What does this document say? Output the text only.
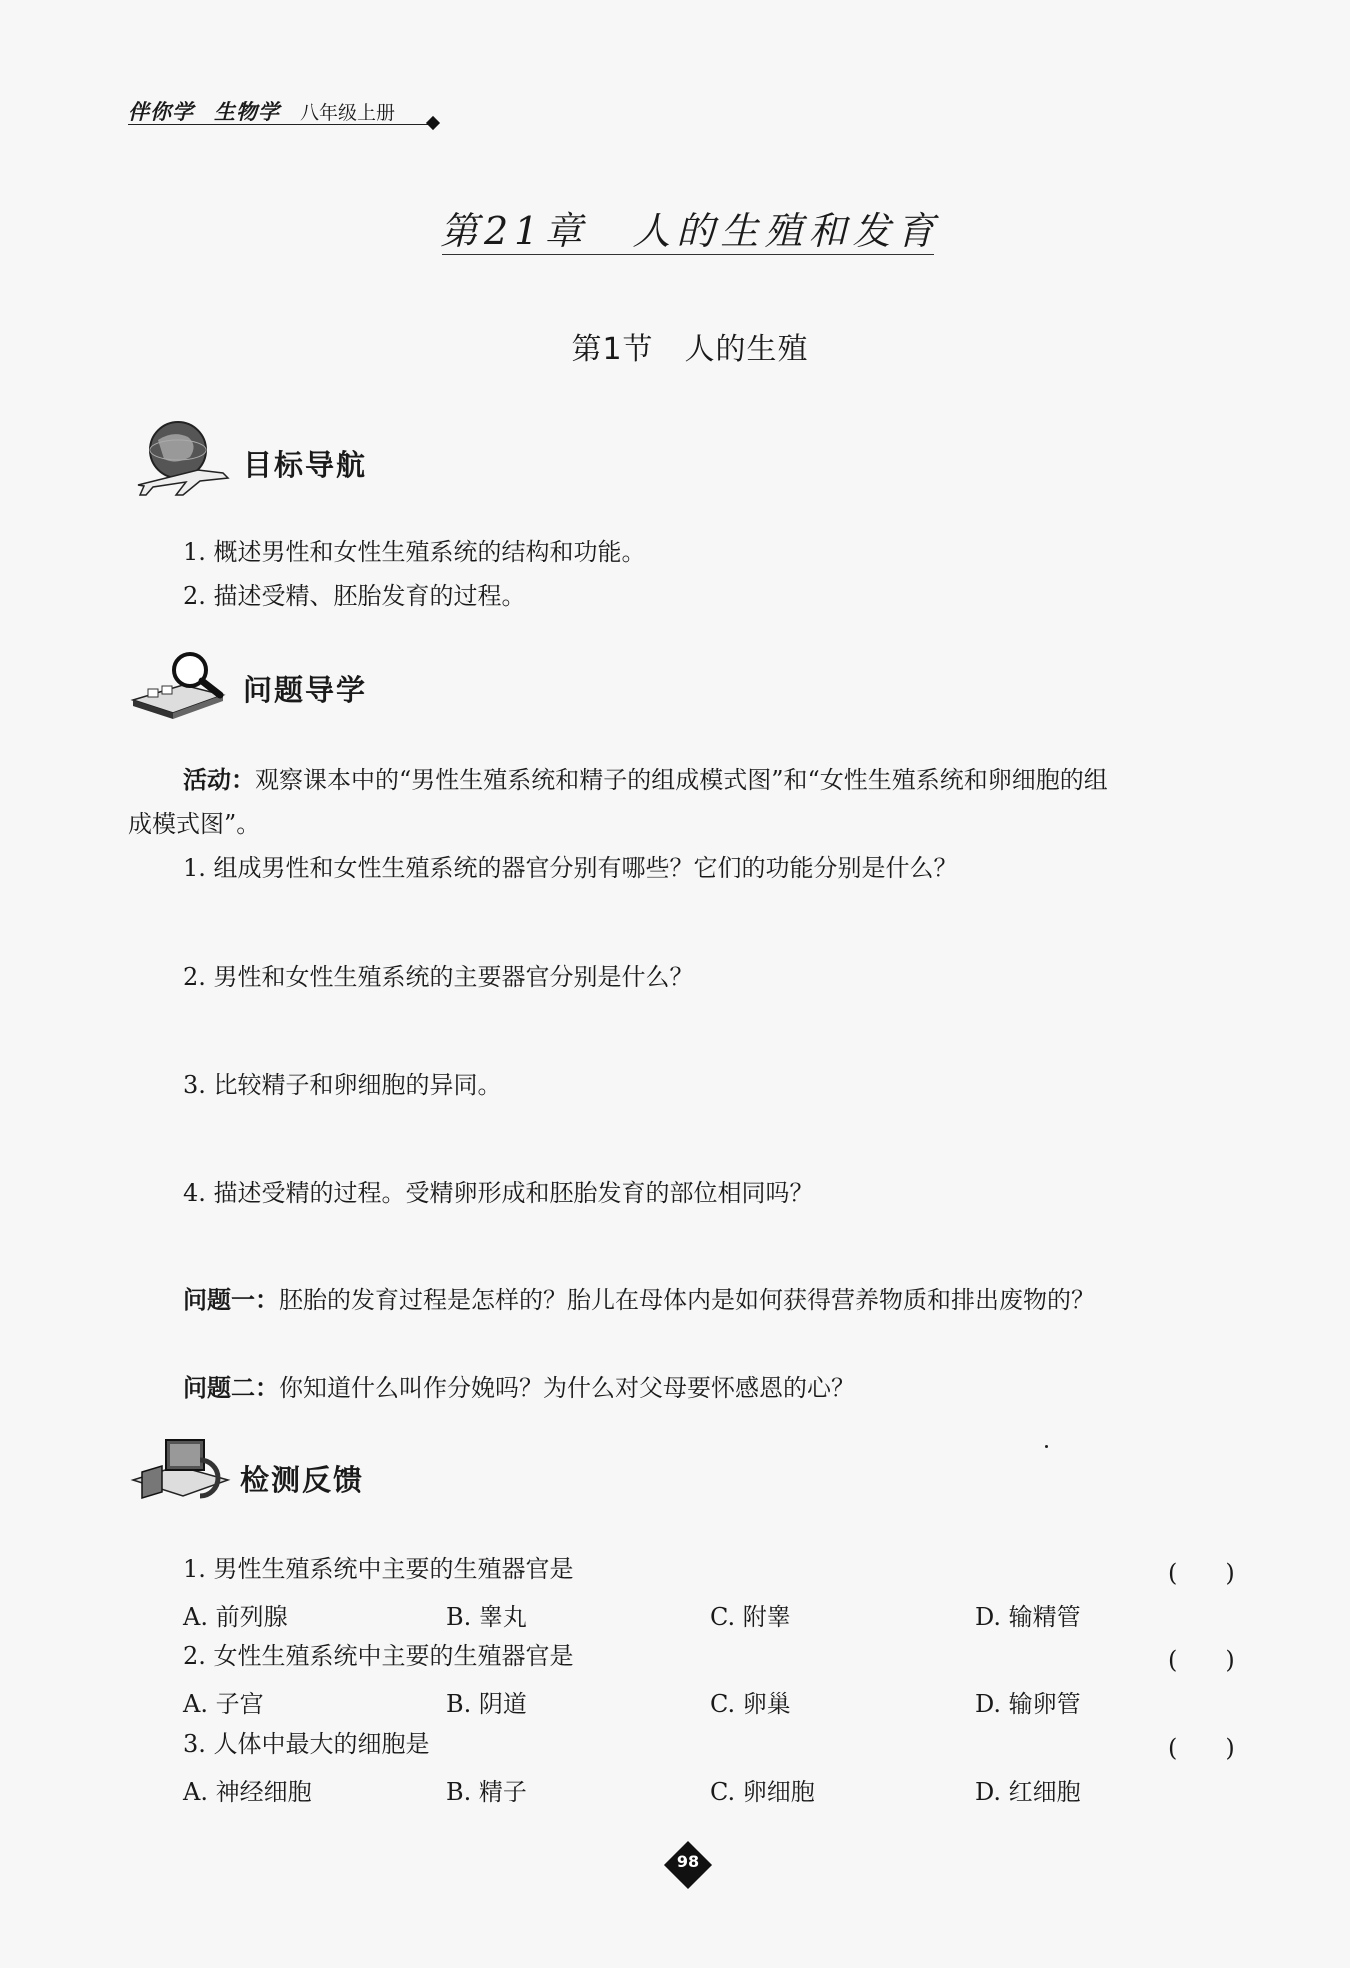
伴你学 生物学 八年级上册
第21章　人的生殖和发育
第1节　人的生殖
目标导航
1. 概述男性和女性生殖系统的结构和功能。
2. 描述受精、胚胎发育的过程。
问题导学
活动：观察课本中的“男性生殖系统和精子的组成模式图”和“女性生殖系统和卵细胞的组
成模式图”。
1. 组成男性和女性生殖系统的器官分别有哪些？它们的功能分别是什么？
2. 男性和女性生殖系统的主要器官分别是什么？
3. 比较精子和卵细胞的异同。
4. 描述受精的过程。受精卵形成和胚胎发育的部位相同吗？
问题一：胚胎的发育过程是怎样的？胎儿在母体内是如何获得营养物质和排出废物的？
问题二：你知道什么叫作分娩吗？为什么对父母要怀感恩的心？
检测反馈
1. 男性生殖系统中主要的生殖器官是	(　　)
A. 前列腺	B. 睾丸	C. 附睾	D. 输精管
2. 女性生殖系统中主要的生殖器官是	(　　)
A. 子宫	B. 阴道	C. 卵巢	D. 输卵管
3. 人体中最大的细胞是	(　　)
A. 神经细胞	B. 精子	C. 卵细胞	D. 红细胞
98
